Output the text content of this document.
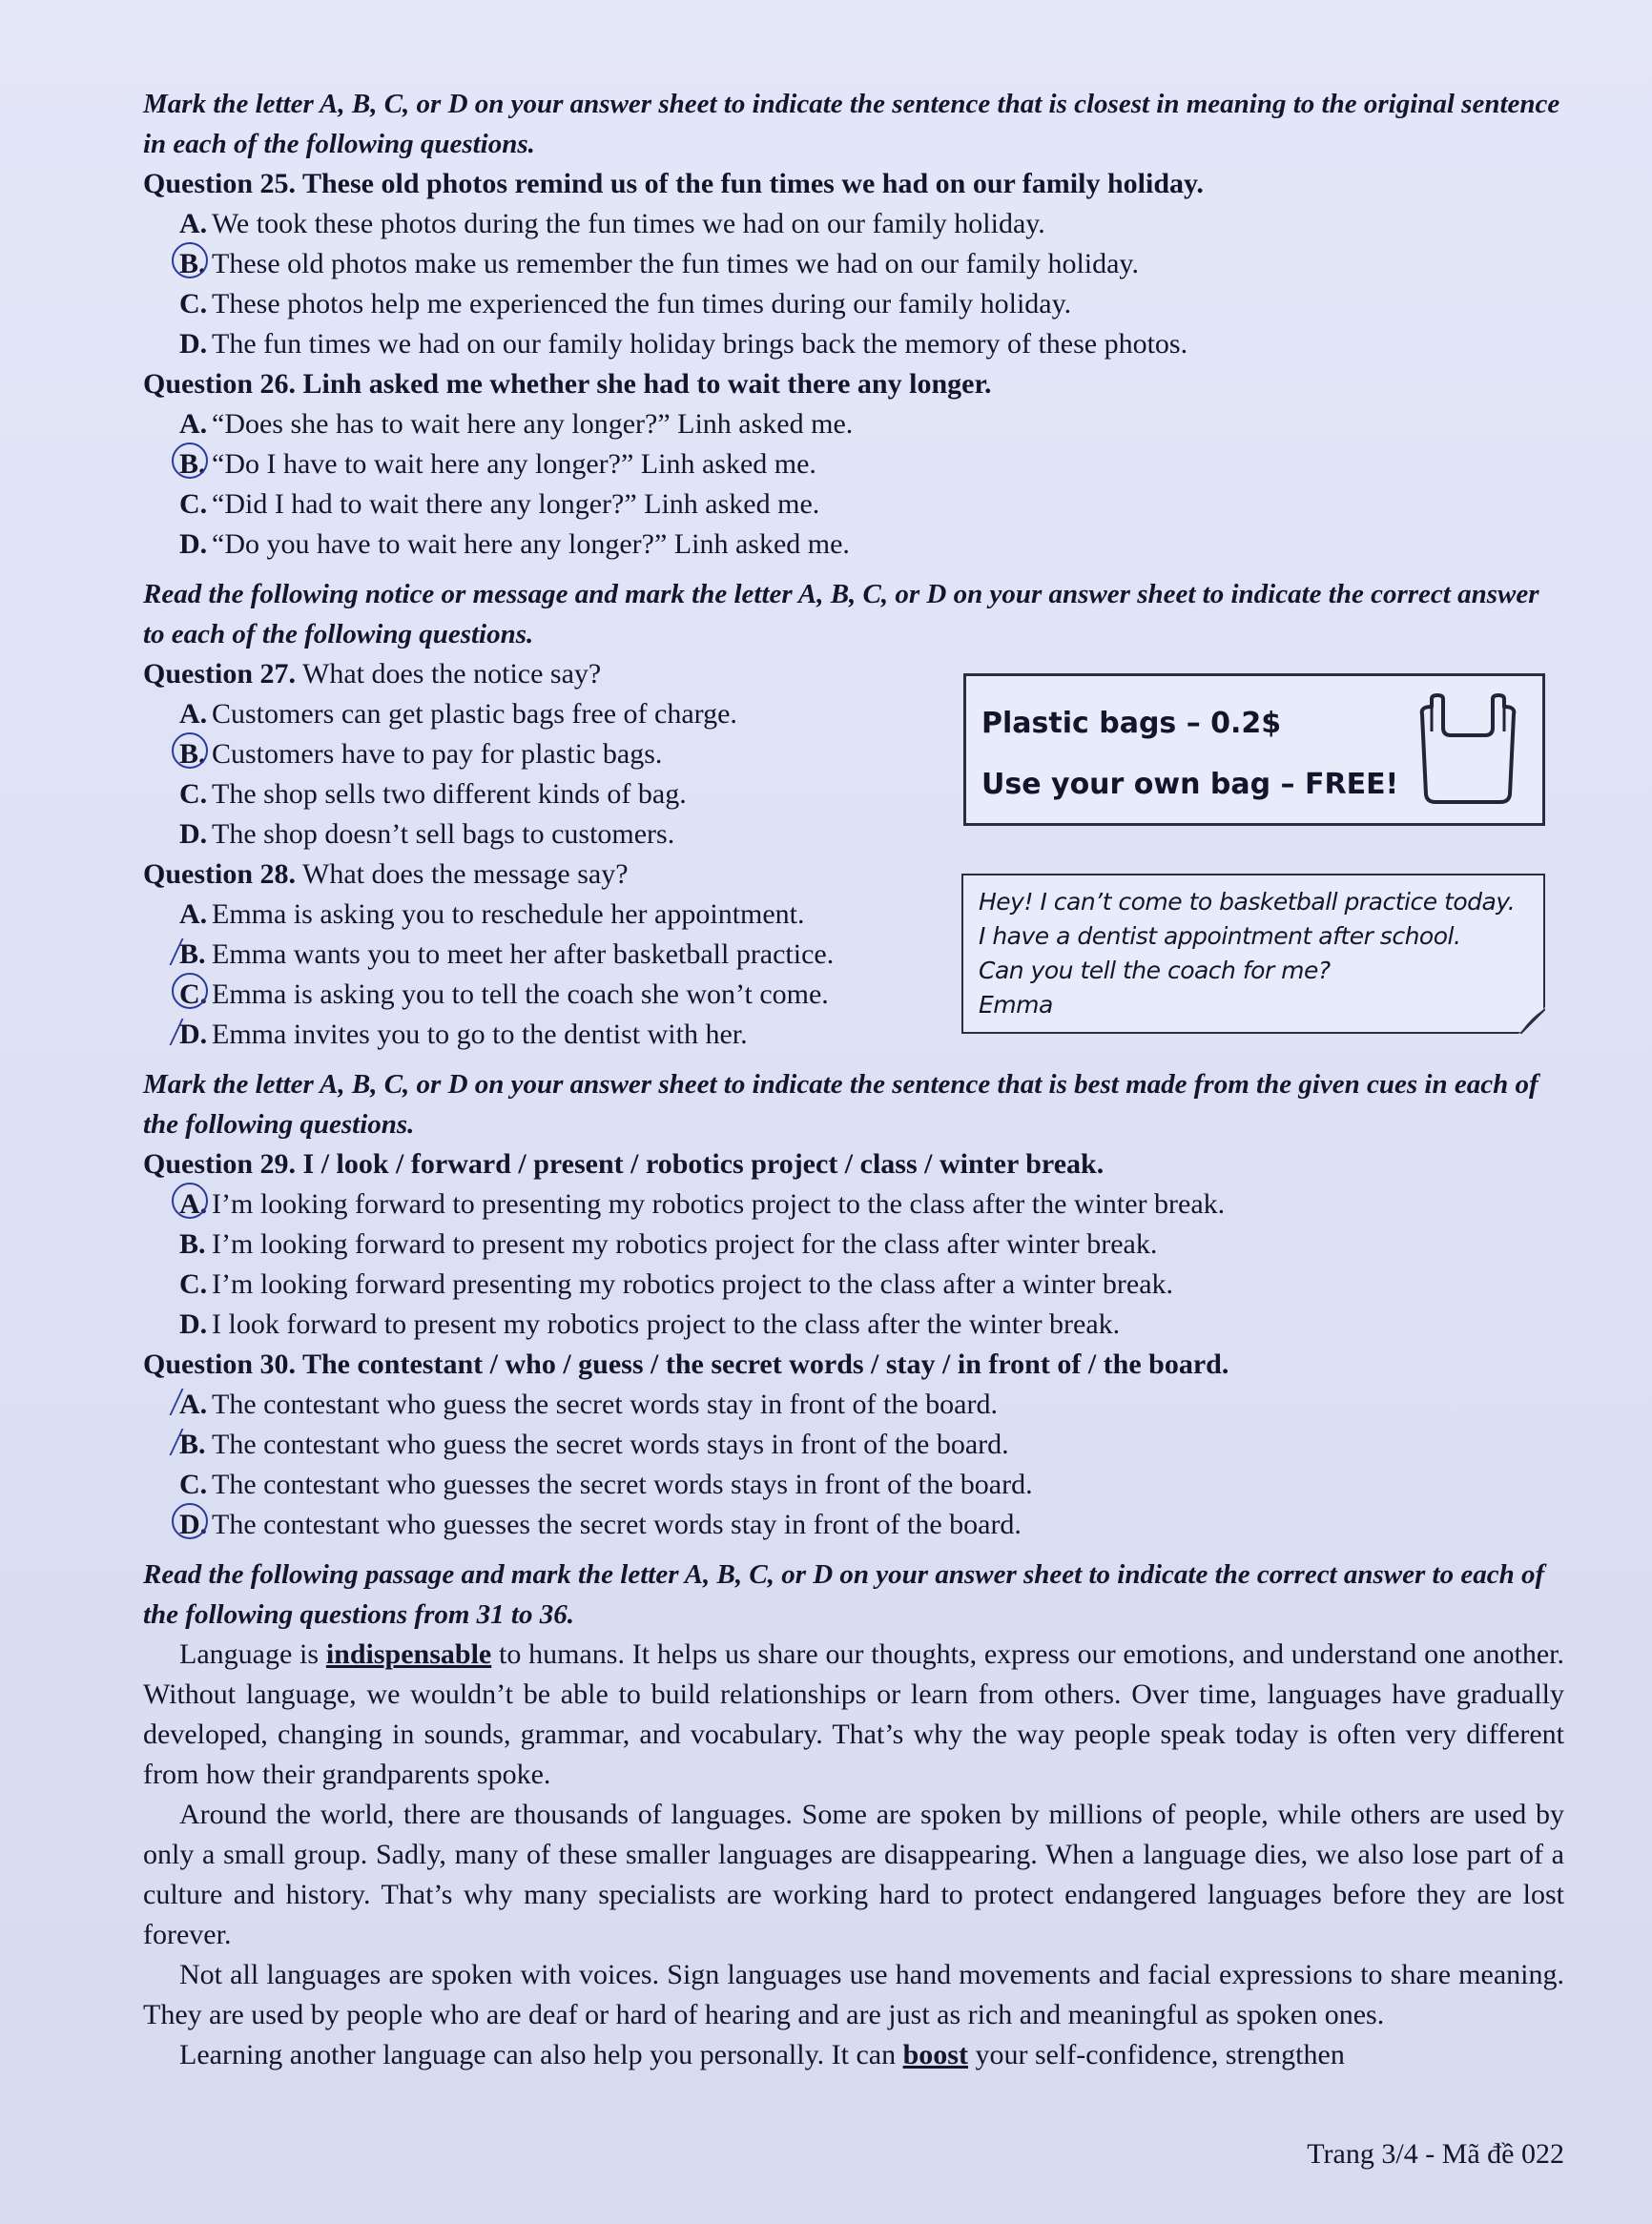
Mark the letter A, B, C, or D on your answer sheet to indicate the sentence that is closest in meaning to the original sentence in each of the following questions.

Question 25. These old photos remind us of the fun times we had on our family holiday.

A. We took these photos during the fun times we had on our family holiday.
B. These old photos make us remember the fun times we had on our family holiday.
C. These photos help me experienced the fun times during our family holiday.
D. The fun times we had on our family holiday brings back the memory of these photos.

Question 26. Linh asked me whether she had to wait there any longer.

A. “Does she has to wait here any longer?” Linh asked me.
B. “Do I have to wait here any longer?” Linh asked me.
C. “Did I had to wait there any longer?” Linh asked me.
D. “Do you have to wait here any longer?” Linh asked me.

Read the following notice or message and mark the letter A, B, C, or D on your answer sheet to indicate the correct answer to each of the following questions.

Plastic bags – 0.2$
Use your own bag – FREE!
Hey! I can’t come to basketball practice today.
I have a dentist appointment after school.
Can you tell the coach for me?
Emma

Question 27. What does the notice say?

A. Customers can get plastic bags free of charge.
B. Customers have to pay for plastic bags.
C. The shop sells two different kinds of bag.
D. The shop doesn’t sell bags to customers.

Question 28. What does the message say?

A. Emma is asking you to reschedule her appointment.
B. Emma wants you to meet her after basketball practice.
C. Emma is asking you to tell the coach she won’t come.
D. Emma invites you to go to the dentist with her.

Mark the letter A, B, C, or D on your answer sheet to indicate the sentence that is best made from the given cues in each of the following questions.

Question 29. I / look / forward / present / robotics project / class / winter break.

A. I’m looking forward to presenting my robotics project to the class after the winter break.
B. I’m looking forward to present my robotics project for the class after winter break.
C. I’m looking forward presenting my robotics project to the class after a winter break.
D. I look forward to present my robotics project to the class after the winter break.

Question 30. The contestant / who / guess / the secret words / stay / in front of / the board.

A. The contestant who guess the secret words stay in front of the board.
B. The contestant who guess the secret words stays in front of the board.
C. The contestant who guesses the secret words stays in front of the board.
D. The contestant who guesses the secret words stay in front of the board.

Read the following passage and mark the letter A, B, C, or D on your answer sheet to indicate the correct answer to each of the following questions from 31 to 36.

Language is indispensable to humans. It helps us share our thoughts, express our emotions, and understand one another. Without language, we wouldn’t be able to build relationships or learn from others. Over time, languages have gradually developed, changing in sounds, grammar, and vocabulary. That’s why the way people speak today is often very different from how their grandparents spoke.

Around the world, there are thousands of languages. Some are spoken by millions of people, while others are used by only a small group. Sadly, many of these smaller languages are disappearing. When a language dies, we also lose part of a culture and history. That’s why many specialists are working hard to protect endangered languages before they are lost forever.

Not all languages are spoken with voices. Sign languages use hand movements and facial expressions to share meaning. They are used by people who are deaf or hard of hearing and are just as rich and meaningful as spoken ones.

Learning another language can also help you personally. It can boost your self-confidence, strengthen

Trang 3/4 - Mã đề 022
